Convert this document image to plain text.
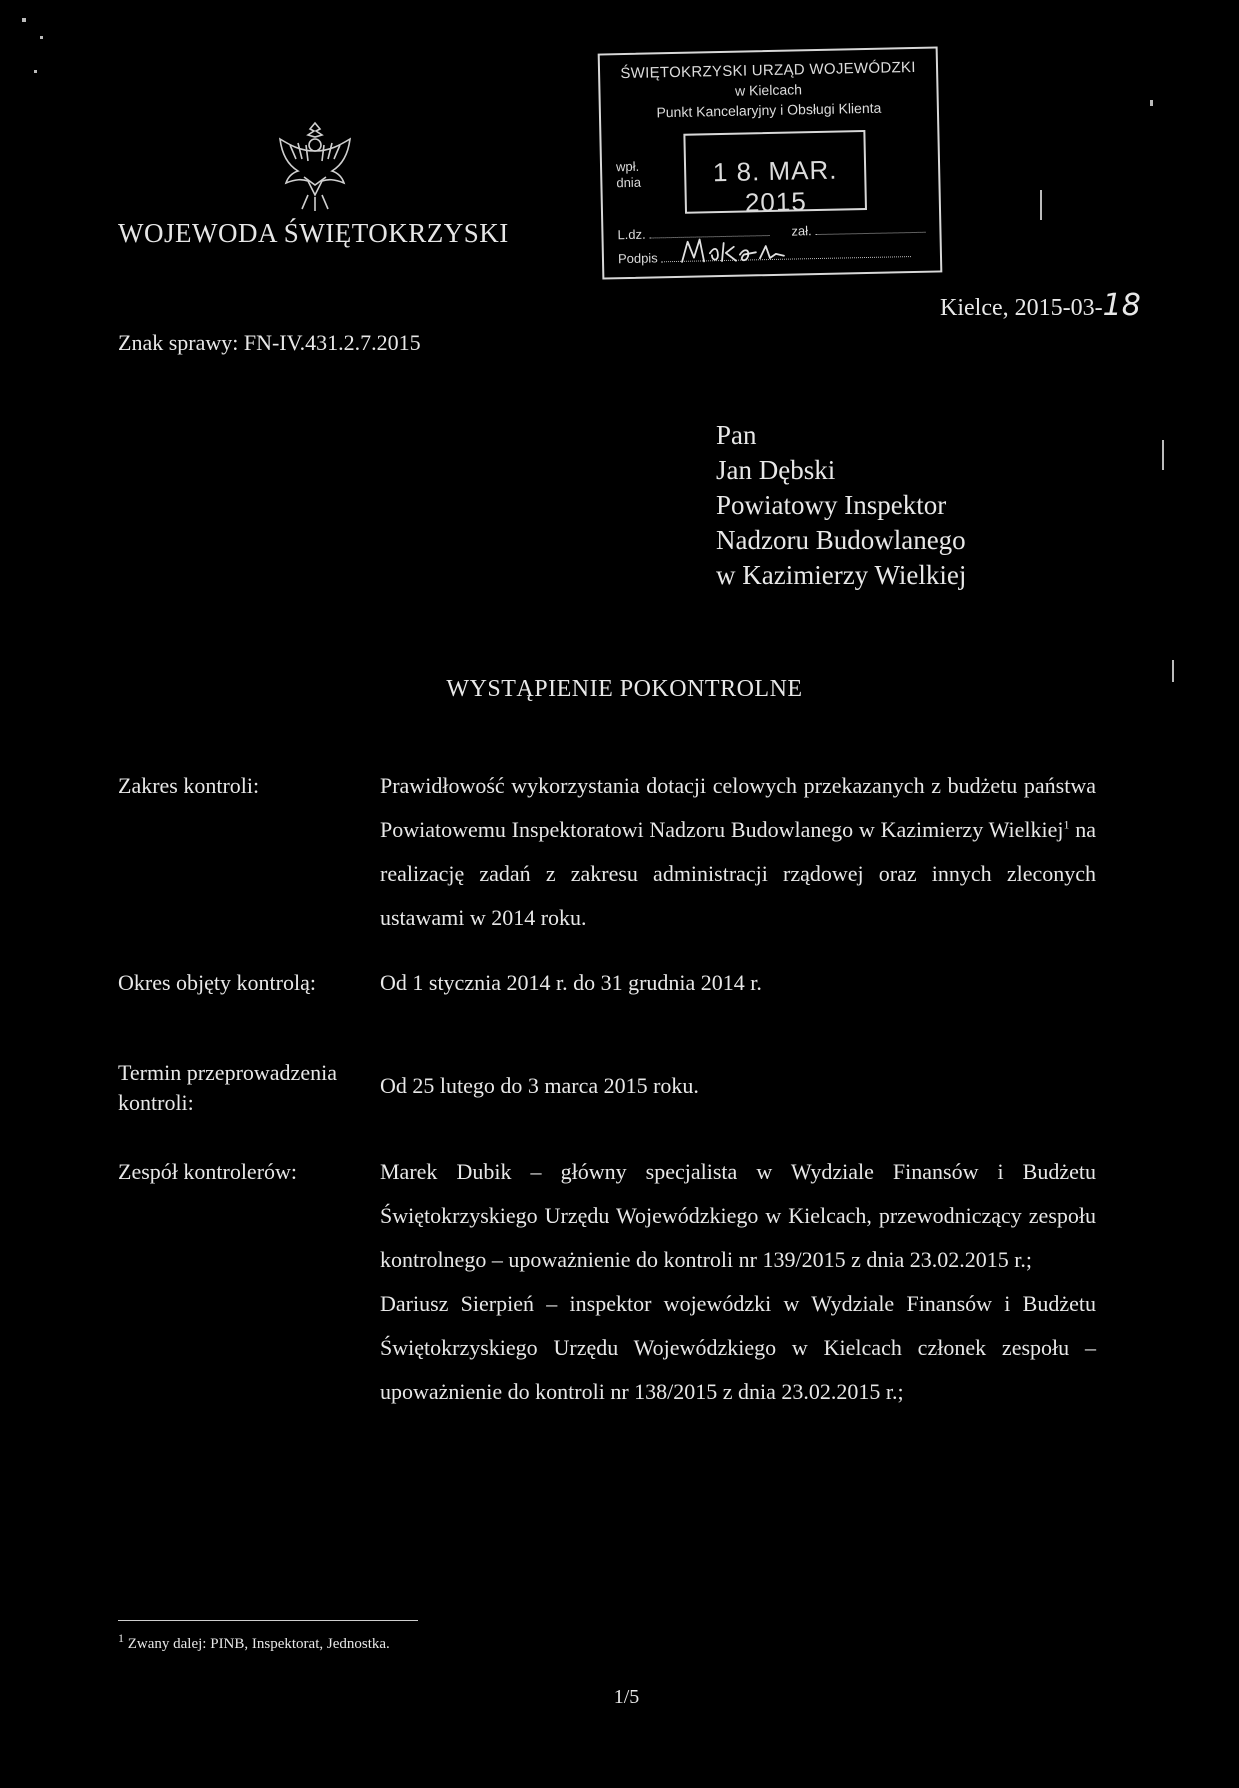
WOJEWODA ŚWIĘTOKRZYSKI
ŚWIĘTOKRZYSKI URZĄD WOJEWÓDZKI
w Kielcach
Punkt Kancelaryjny i Obsługi Klienta
wpł.
dnia	1 8. MAR. 2015
L.dz.	zał.
Podpis
Kielce, 2015-03-18
Znak sprawy: FN-IV.431.2.7.2015
Pan
Jan Dębski
Powiatowy Inspektor
Nadzoru Budowlanego
w Kazimierzy Wielkiej
WYSTĄPIENIE POKONTROLNE
Zakres kontroli:	Prawidłowość wykorzystania dotacji celowych przekazanych z budżetu państwa Powiatowemu Inspektoratowi Nadzoru Budowlanego w Kazimierzy Wielkiej$^1$ na realizację zadań z zakresu administracji rządowej oraz innych zleconych ustawami w 2014 roku.

Okres objęty kontrolą:	Od 1 stycznia 2014 r. do 31 grudnia 2014 r.
Termin przeprowadzenia kontroli:
Od 25 lutego do 3 marca 2015 roku.
Zespół kontrolerów:	Marek Dubik – główny specjalista w Wydziale Finansów i Budżetu Świętokrzyskiego Urzędu Wojewódzkiego w Kielcach, przewodniczący zespołu kontrolnego – upoważnienie do kontroli nr 139/2015 z dnia 23.02.2015 r.;

Dariusz Sierpień – inspektor wojewódzki w Wydziale Finansów i Budżetu Świętokrzyskiego Urzędu Wojewódzkiego w Kielcach członek zespołu – upoważnienie do kontroli nr 138/2015 z dnia 23.02.2015 r.;

$^1$ Zwany dalej: PINB, Inspektorat, Jednostka.
1/5
